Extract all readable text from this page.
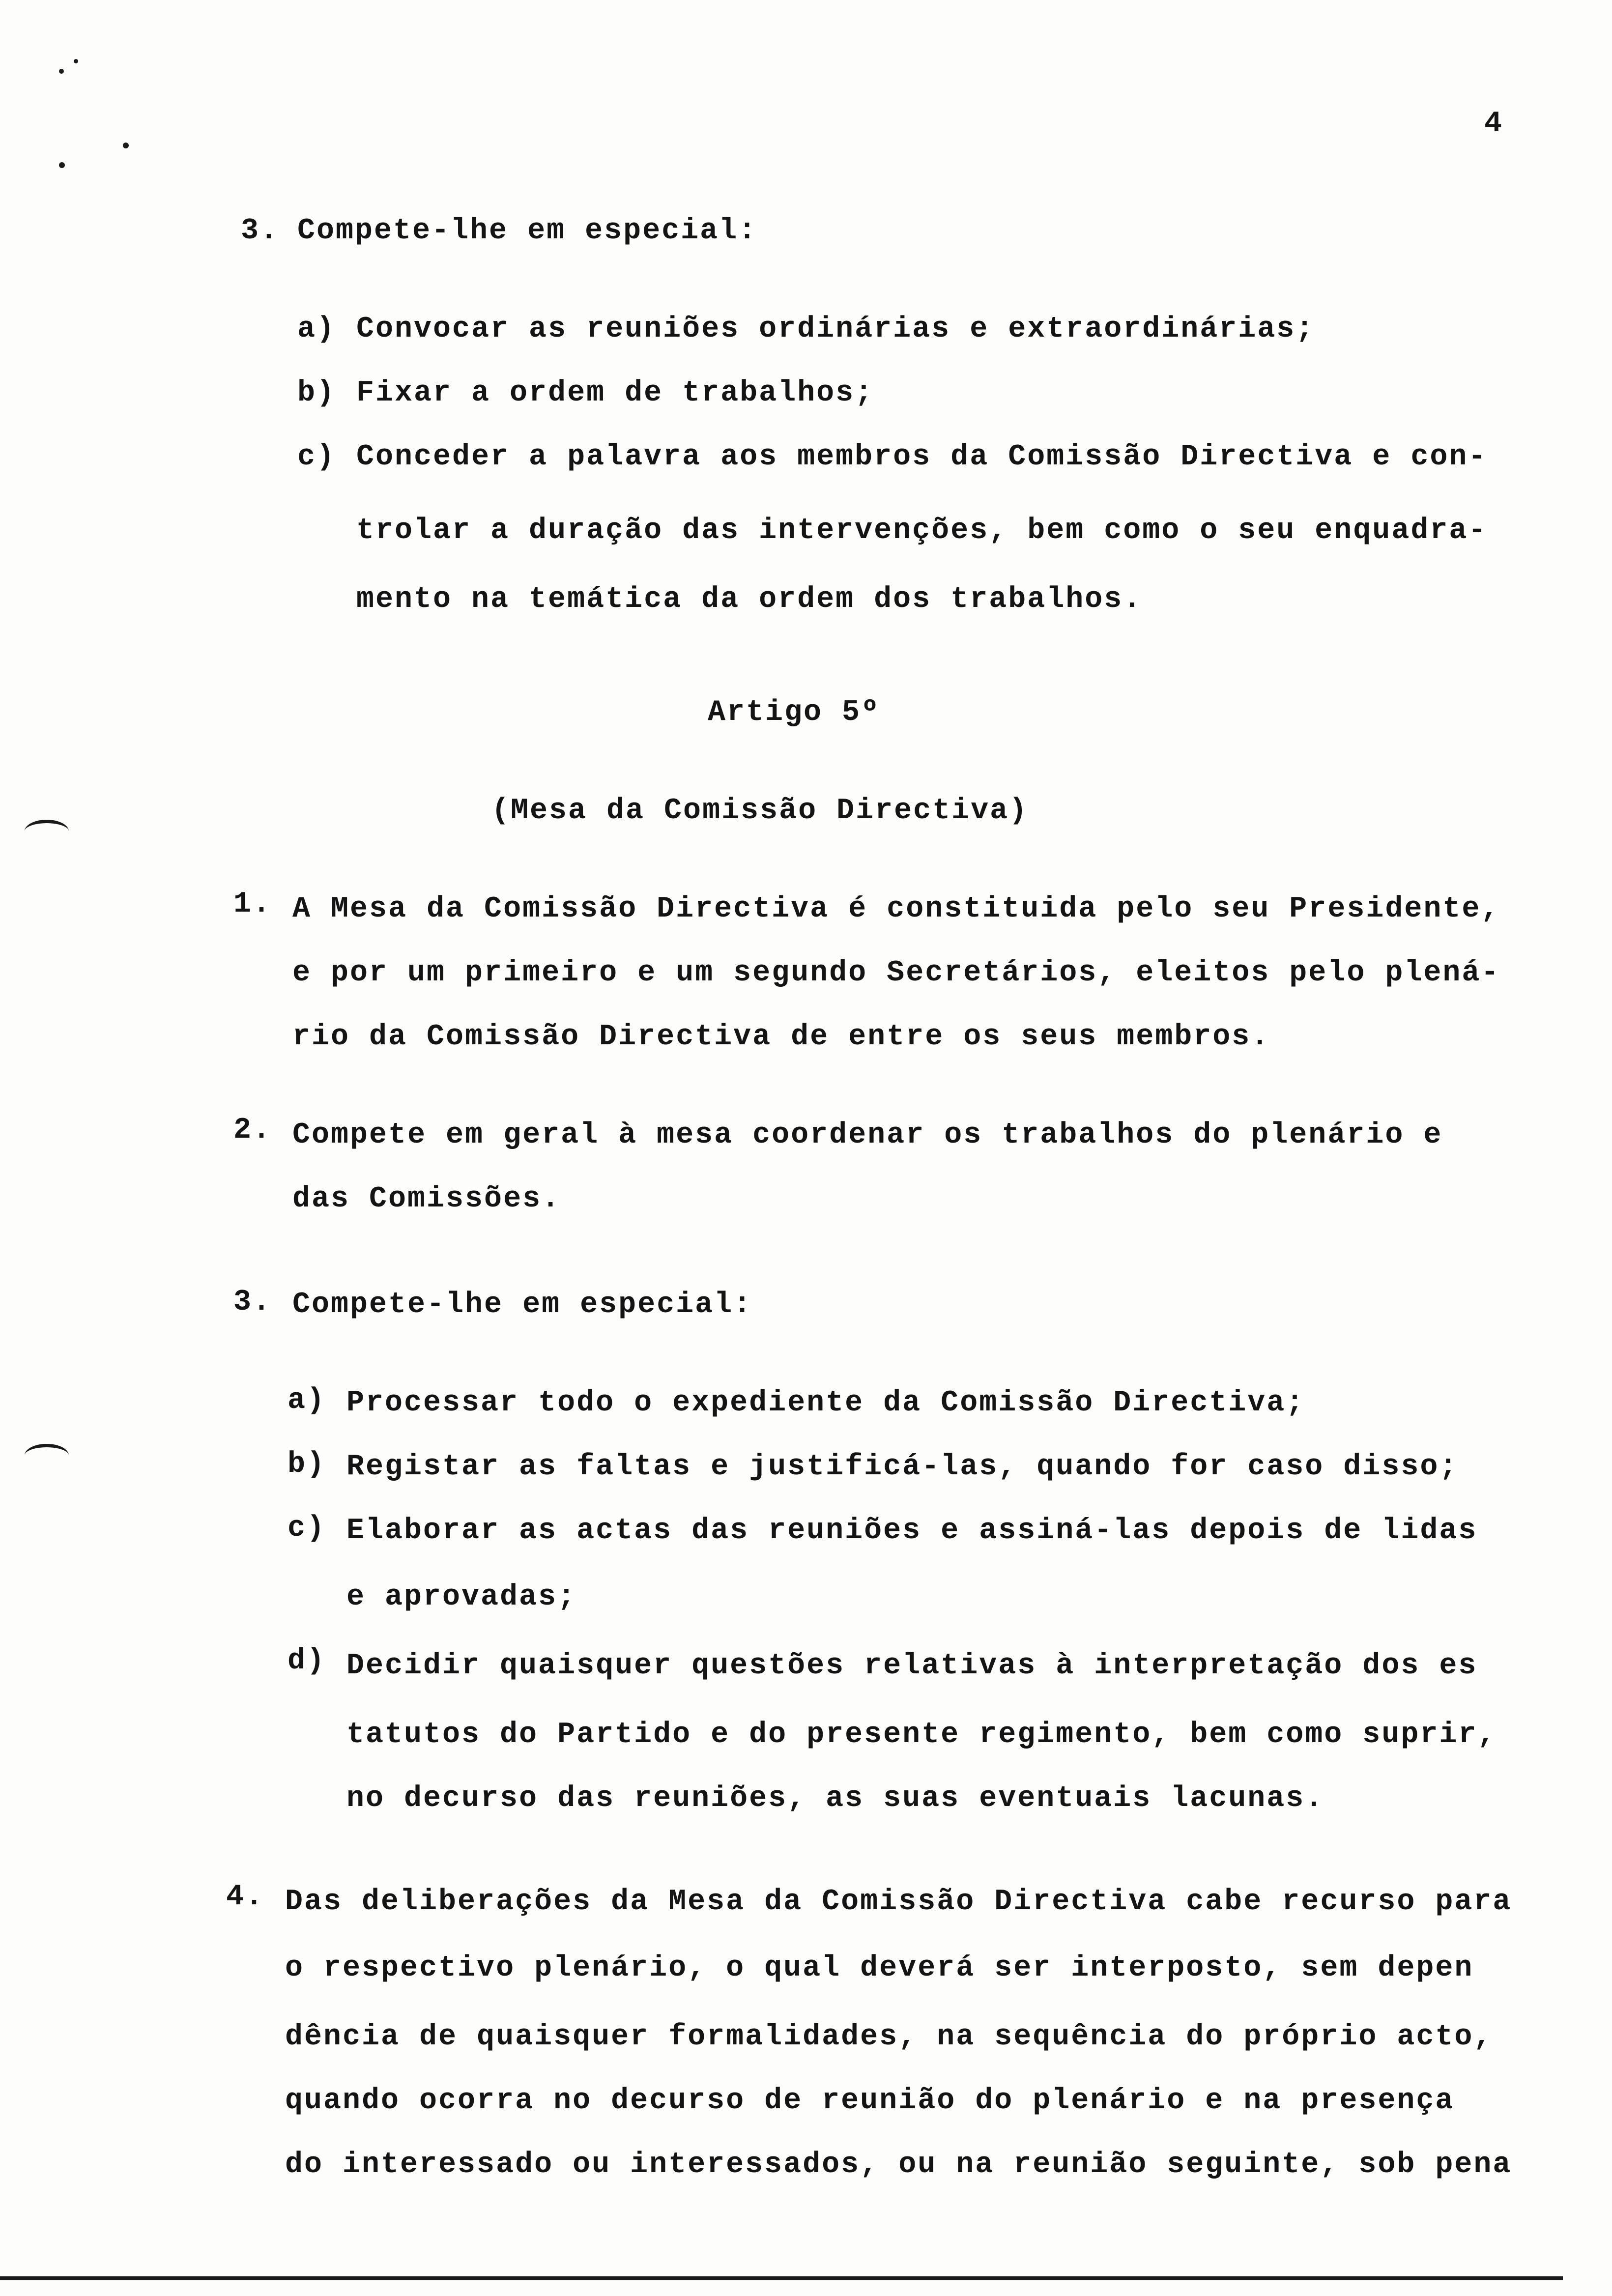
4
3. Compete-lhe em especial:
a) Convocar as reuniões ordinárias e extraordinárias;
b) Fixar a ordem de trabalhos;
c) Conceder a palavra aos membros da Comissão Directiva e con-
trolar a duração das intervenções, bem como o seu enquadra-
mento na temática da ordem dos trabalhos.
Artigo 5º
(Mesa da Comissão Directiva)
1. A Mesa da Comissão Directiva é constituida pelo seu Presidente,
e por um primeiro e um segundo Secretários, eleitos pelo plená-
rio da Comissão Directiva de entre os seus membros.
2. Compete em geral à mesa coordenar os trabalhos do plenário e
das Comissões.
3. Compete-lhe em especial:
a) Processar todo o expediente da Comissão Directiva;
b) Registar as faltas e justificá-las, quando for caso disso;
c) Elaborar as actas das reuniões e assiná-las depois de lidas
e aprovadas;
d) Decidir quaisquer questões relativas à interpretação dos es
tatutos do Partido e do presente regimento, bem como suprir,
no decurso das reuniões, as suas eventuais lacunas.
4. Das deliberações da Mesa da Comissão Directiva cabe recurso para
o respectivo plenário, o qual deverá ser interposto, sem depen
dência de quaisquer formalidades, na sequência do próprio acto,
quando ocorra no decurso de reunião do plenário e na presença
do interessado ou interessados, ou na reunião seguinte, sob pena
